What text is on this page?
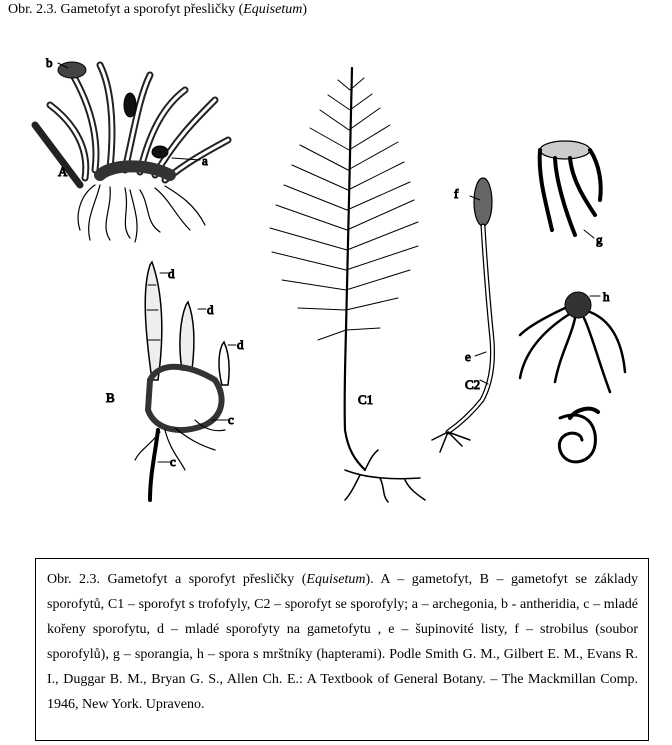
Obr. 2.3. Gametofyt a sporofyt přesličky (Equisetum)
b
a
A
d
d
d
B
c
c
C1
f
e
C2
g
h

Obr. 2.3. Gametofyt a sporofyt přesličky (Equisetum). A – gametofyt, B – gametofyt se základy sporofytů, C1 – sporofyt s trofofyly, C2 – sporofyt se sporofyly; a – archegonia, b - antheridia, c – mladé kořeny sporofytu, d – mladé sporofyty na gametofytu , e – šupinovité listy, f – strobilus (soubor sporofylů), g – sporangia, h – spora s mrštníky (hapterami). Podle Smith G. M., Gilbert E. M., Evans R. I., Duggar B. M., Bryan G. S., Allen Ch. E.: A Textbook of General Botany. – The Mackmillan Comp. 1946, New York. Upraveno.
